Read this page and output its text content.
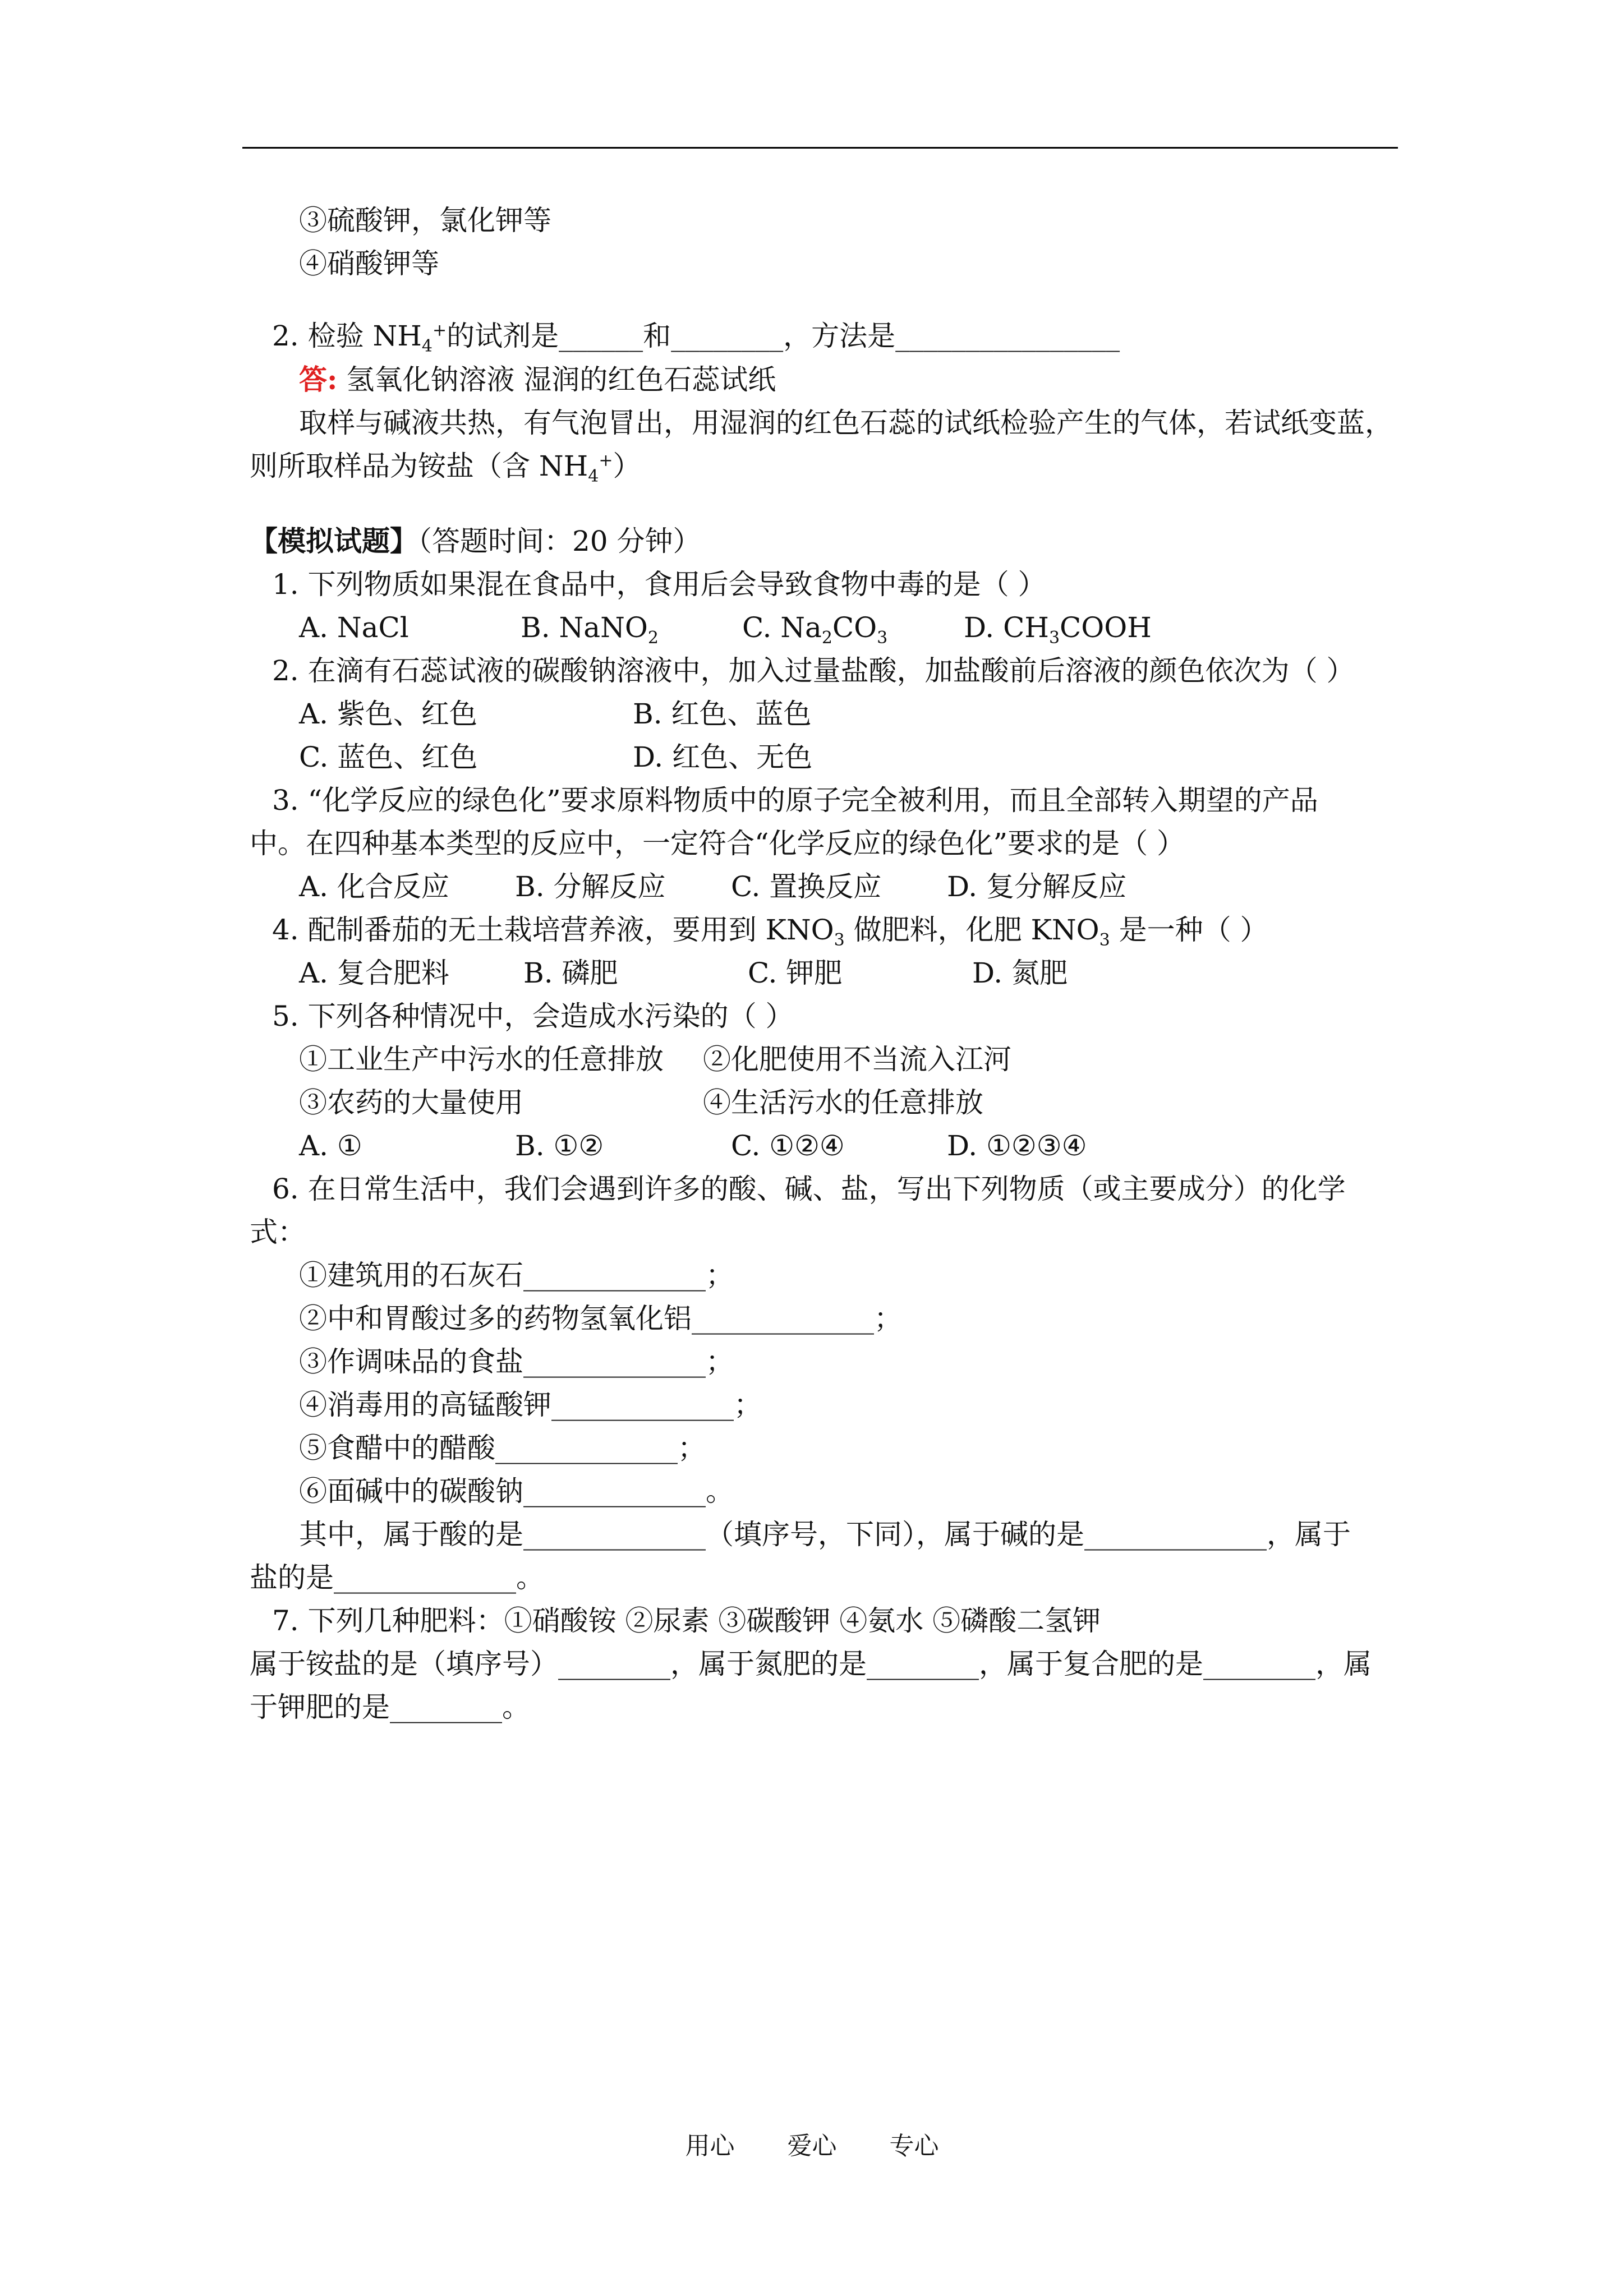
③硫酸钾，氯化钾等
④硝酸钾等
2. 检验 $NH_4^+$的试剂是______和________，方法是________________
答: 氢氧化钠溶液 湿润的红色石蕊试纸
取样与碱液共热，有气泡冒出，用湿润的红色石蕊的试纸检验产生的气体，若试纸变蓝，
则所取样品为铵盐（含 $NH_4^+$）
【模拟试题】（答题时间：20 分钟）
1. 下列物质如果混在食品中，食用后会导致食物中毒的是（ ）
A. NaCl	B. NaNO$_2$	C. $Na_2CO_3$	D. $CH_3COOH$
2. 在滴有石蕊试液的碳酸钠溶液中，加入过量盐酸，加盐酸前后溶液的颜色依次为（ ）
A. 紫色、红色	B. 红色、蓝色
C. 蓝色、红色	D. 红色、无色
3. “化学反应的绿色化”要求原料物质中的原子完全被利用，而且全部转入期望的产品
中。在四种基本类型的反应中，一定符合“化学反应的绿色化”要求的是（ ）
A. 化合反应 B. 分解反应 C. 置换反应 D. 复分解反应
4. 配制番茄的无土栽培营养液，要用到 $KNO_3$ 做肥料，化肥 $KNO_3$ 是一种（ ）
A. 复合肥料	B. 磷肥	C. 钾肥	D. 氮肥
5. 下列各种情况中，会造成水污染的（ ）
①工业生产中污水的任意排放 ②化肥使用不当流入江河
③农药的大量使用	④生活污水的任意排放
A. ①	B. ①②	C. ①②④	D. ①②③④
6. 在日常生活中，我们会遇到许多的酸、碱、盐，写出下列物质（或主要成分）的化学
式：
①建筑用的石灰石_____________；
②中和胃酸过多的药物氢氧化铝_____________；
③作调味品的食盐_____________；
④消毒用的高锰酸钾_____________；
⑤食醋中的醋酸_____________；
⑥面碱中的碳酸钠_____________。
其中，属于酸的是_____________（填序号，下同），属于碱的是_____________，属于
盐的是_____________。
7. 下列几种肥料：①硝酸铵 ②尿素 ③碳酸钾 ④氨水 ⑤磷酸二氢钾
属于铵盐的是（填序号）________，属于氮肥的是________，属于复合肥的是________，属
于钾肥的是________。
用心 爱心 专心
